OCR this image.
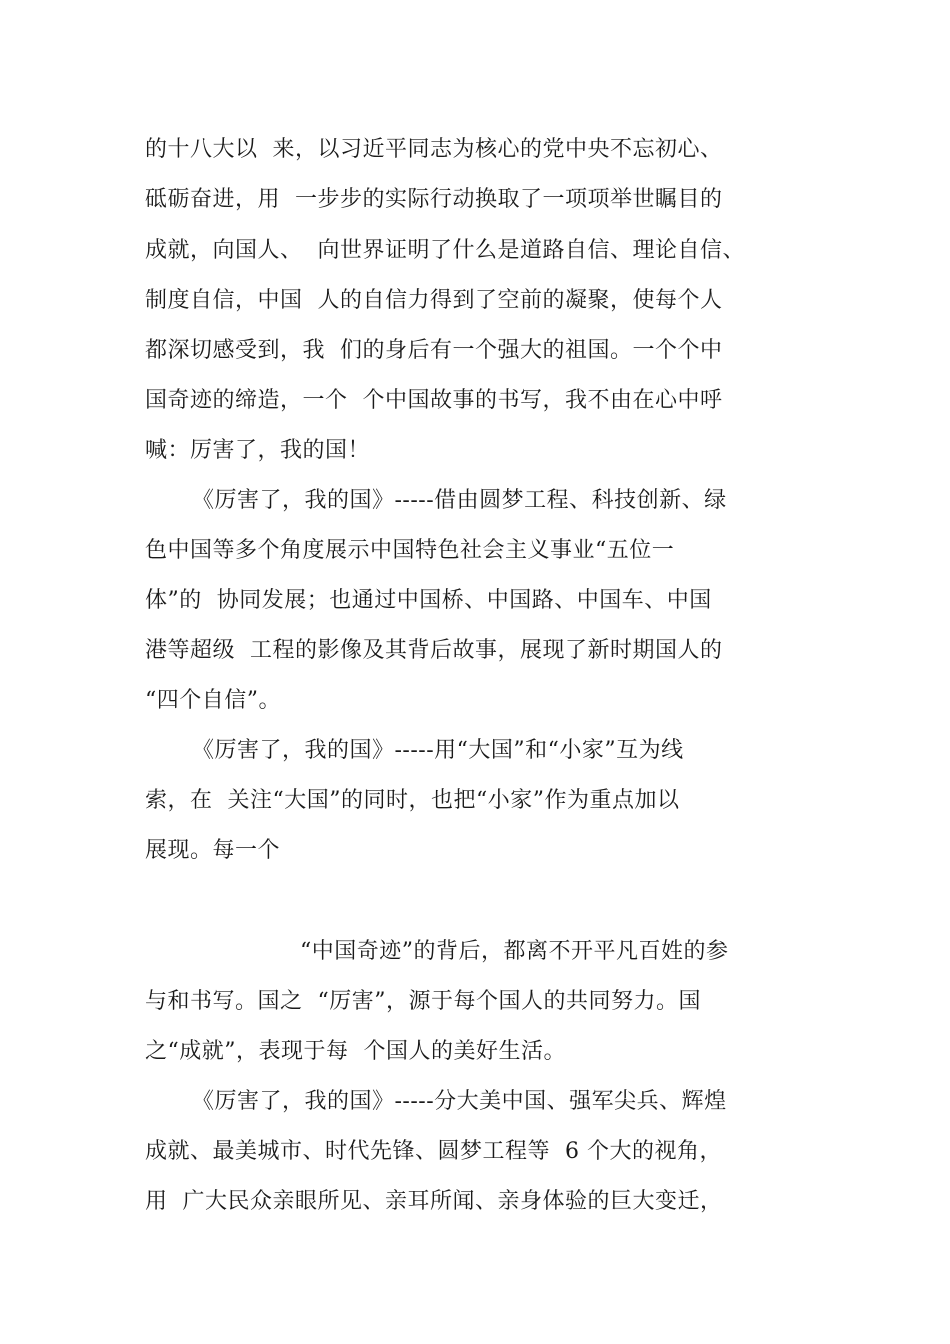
的十八大以  来，以习近平同志为核心的党中央不忘初心、
砥砺奋进，用  一步步的实际行动换取了一项项举世瞩目的
成就，向国人、  向世界证明了什么是道路自信、理论自信、
制度自信，中国  人的自信力得到了空前的凝聚，使每个人
都深切感受到，我  们的身后有一个强大的祖国。一个个中
国奇迹的缔造，一个  个中国故事的书写，我不由在心中呼
喊：厉害了，我的国！
《厉害了，我的国》-----借由圆梦工程、科技创新、绿
色中国等多个角度展示中国特色社会主义事业“五位一
体”的  协同发展；也通过中国桥、中国路、中国车、中国
港等超级  工程的影像及其背后故事，展现了新时期国人的
“四个自信”。
《厉害了，我的国》-----用“大国”和“小家”互为线
索，在  关注“大国”的同时，也把“小家”作为重点加以
展现。每一个
“中国奇迹”的背后，都离不开平凡百姓的参
与和书写。国之  “厉害”，源于每个国人的共同努力。国
之“成就”，表现于每  个国人的美好生活。
《厉害了，我的国》-----分大美中国、强军尖兵、辉煌
成就、最美城市、时代先锋、圆梦工程等  6 个大的视角，
用  广大民众亲眼所见、亲耳所闻、亲身体验的巨大变迁，
